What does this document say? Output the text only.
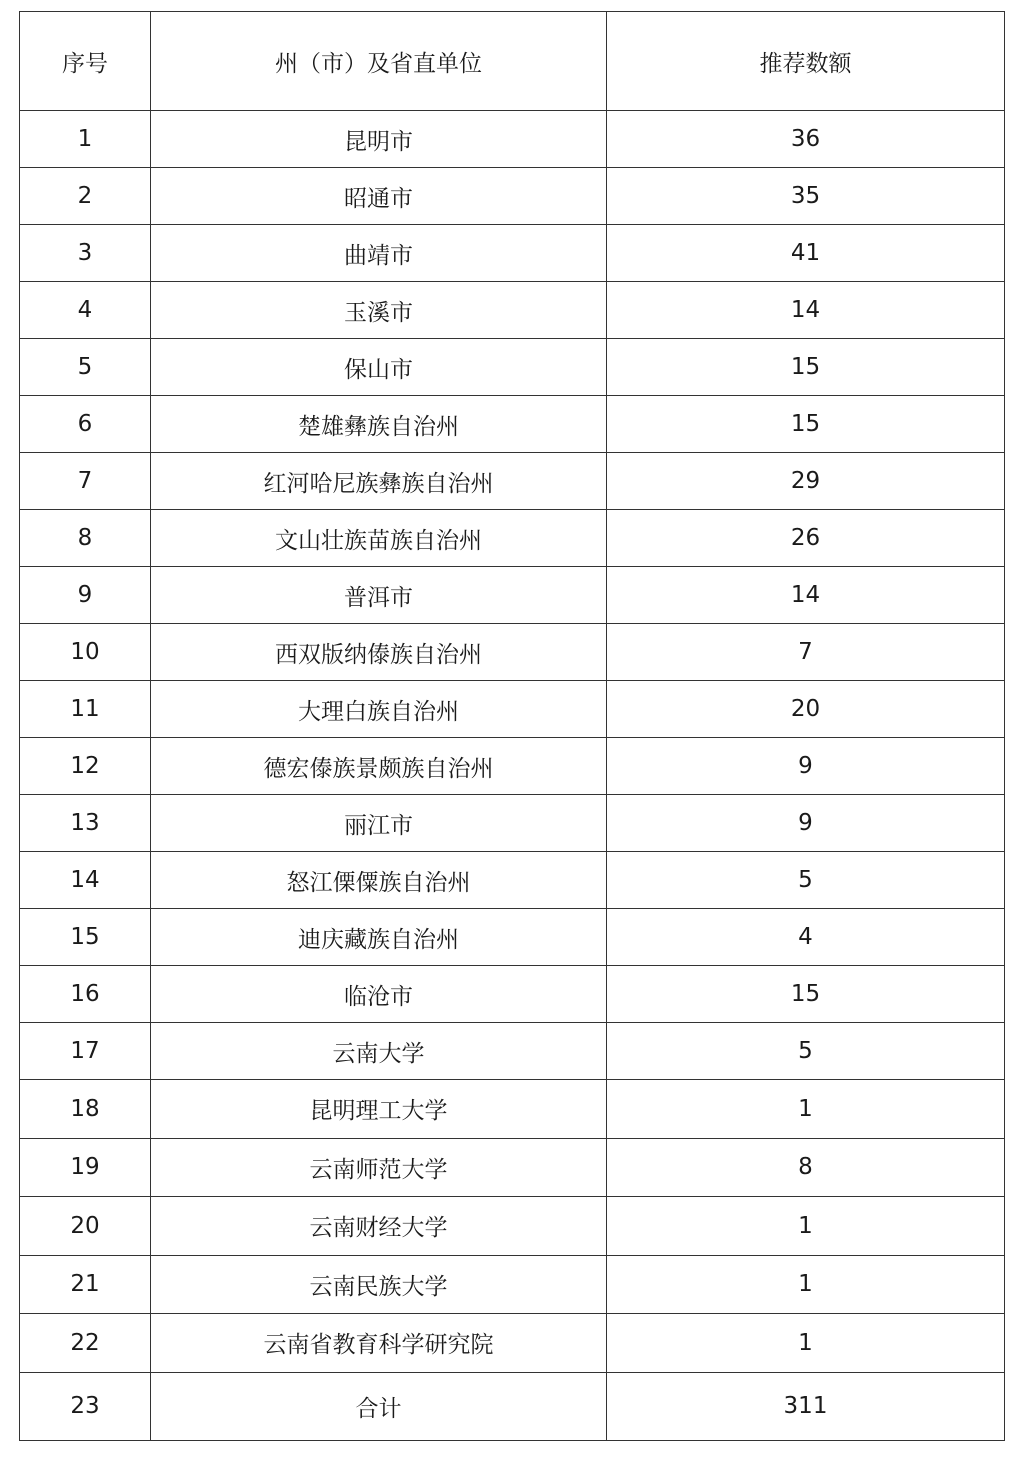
序号	州（市）及省直单位	推荐数额
1	昆明市	36
2	昭通市	35
3	曲靖市	41
4	玉溪市	14
5	保山市	15
6	楚雄彝族自治州	15
7	红河哈尼族彝族自治州	29
8	文山壮族苗族自治州	26
9	普洱市	14
10	西双版纳傣族自治州	7
11	大理白族自治州	20
12	德宏傣族景颇族自治州	9
13	丽江市	9
14	怒江傈僳族自治州	5
15	迪庆藏族自治州	4
16	临沧市	15
17	云南大学	5
18	昆明理工大学	1
19	云南师范大学	8
20	云南财经大学	1
21	云南民族大学	1
22	云南省教育科学研究院	1
23	合计	311
